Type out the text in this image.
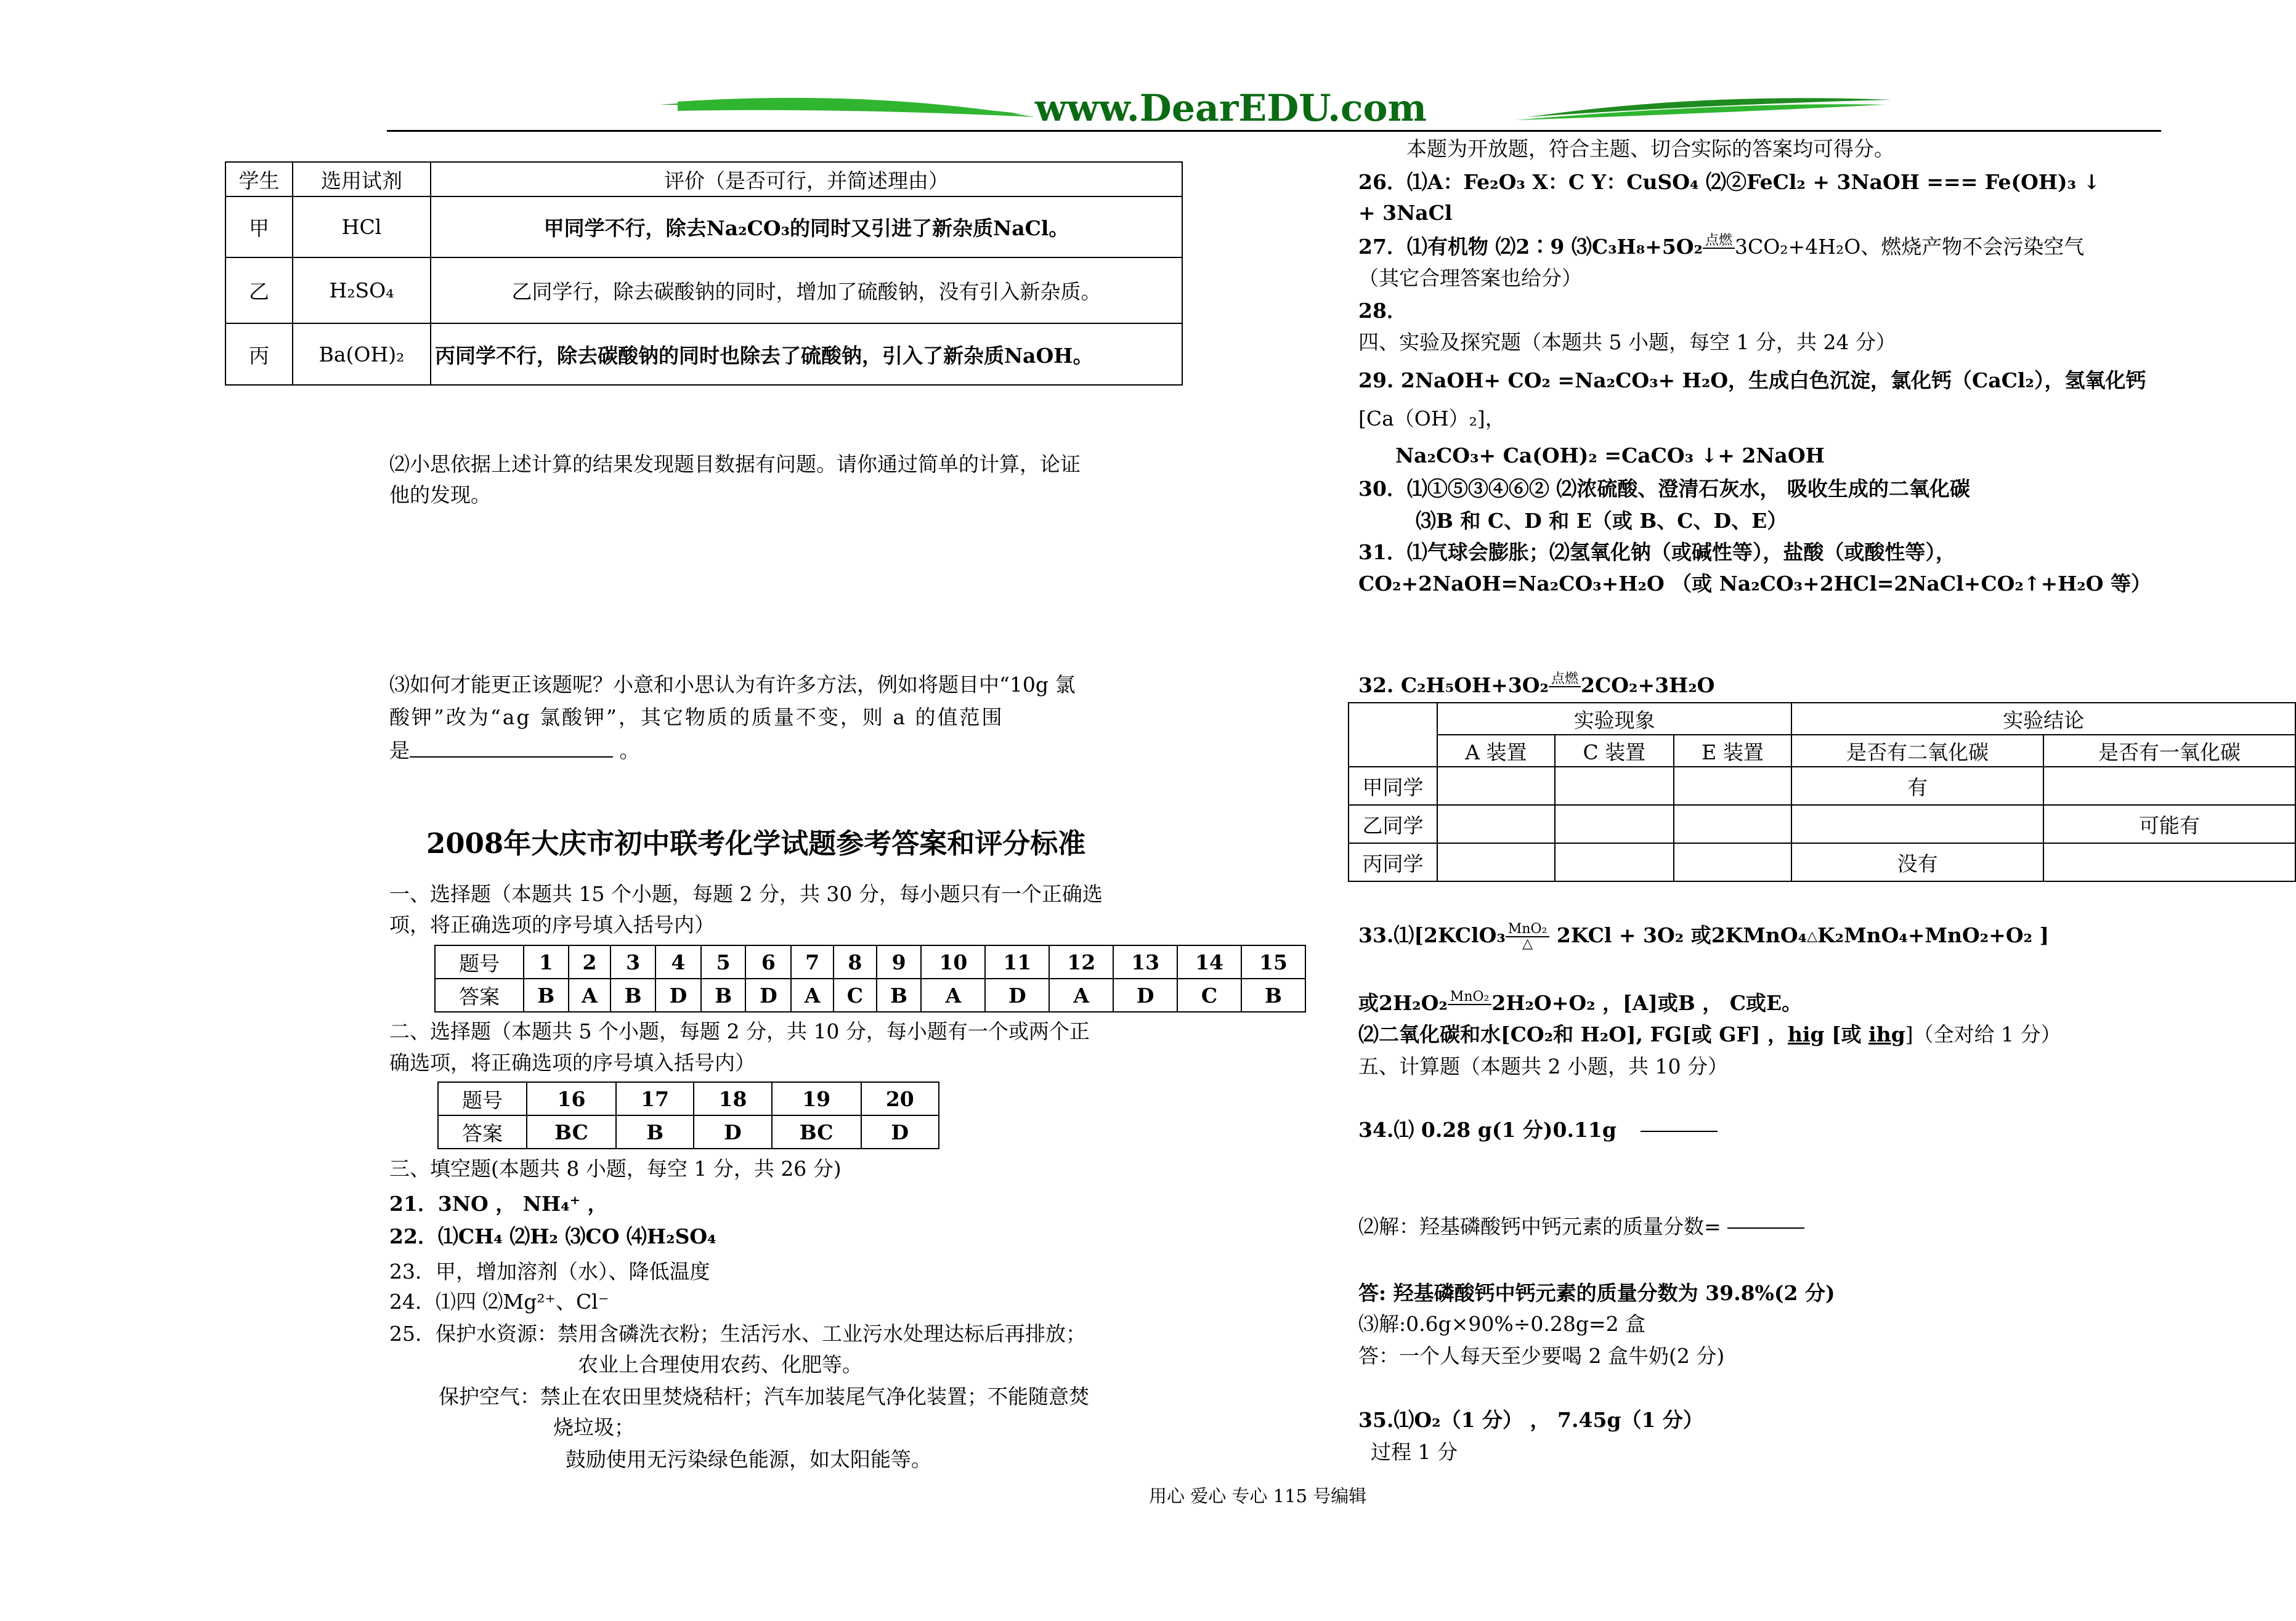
www.DearEDU.com
学生	选用试剂	评价（是否可行，并简述理由）
甲	HCl	甲同学不行，除去Na₂CO₃的同时又引进了新杂质NaCl。
乙	H₂SO₄	乙同学行，除去碳酸钠的同时，增加了硫酸钠，没有引入新杂质。
丙	Ba(OH)₂	丙同学不行，除去碳酸钠的同时也除去了硫酸钠，引入了新杂质NaOH。
⑵小思依据上述计算的结果发现题目数据有问题。请你通过简单的计算，论证
他的发现。
⑶如何才能更正该题呢？小意和小思认为有许多方法，例如将题目中“10g 氯
酸钾”改为“ag 氯酸钾”，其它物质的质量不变，则 a 的值范围
是	。
2008年大庆市初中联考化学试题参考答案和评分标准
一、选择题（本题共 15 个小题，每题 2 分，共 30 分，每小题只有一个正确选
项，将正确选项的序号填入括号内）
题号	1	2	3	4	5	6	7	8	9	10	11	12	13	14	15
答案	B	A	B	D	B	D	A	C	B	A	D	A	D	C	B
二、选择题（本题共 5 个小题，每题 2 分，共 10 分，每小题有一个或两个正
确选项，将正确选项的序号填入括号内）
题号	16	17	18	19	20
答案	BC	B	D	BC	D
三、填空题(本题共 8 小题，每空 1 分，共 26 分)
21．3NO ， NH₄⁺ ，
22．⑴CH₄ ⑵H₂ ⑶CO ⑷H₂SO₄
23．甲，增加溶剂（水）、降低温度
24．⑴四 ⑵Mg²⁺、Cl⁻
25．保护水资源：禁用含磷洗衣粉；生活污水、工业污水处理达标后再排放；
农业上合理使用农药、化肥等。
保护空气：禁止在农田里焚烧秸杆；汽车加装尾气净化装置；不能随意焚
烧垃圾；
鼓励使用无污染绿色能源，如太阳能等。
本题为开放题，符合主题、切合实际的答案均可得分。
26．⑴A：Fe₂O₃ X：C Y：CuSO₄ ⑵②FeCl₂ + 3NaOH === Fe(OH)₃ ↓
+ 3NaCl
27．⑴有机物 ⑵2∶9 ⑶C₃H₈+5O₂ 点燃
3CO₂+4H₂O、燃烧产物不会污染空气
（其它合理答案也给分）
28．
四、实验及探究题（本题共 5 小题，每空 1 分，共 24 分）
29. 2NaOH+ CO₂ =Na₂CO₃+ H₂O，生成白色沉淀，氯化钙（CaCl₂），氢氧化钙
[Ca（OH）₂]，
Na₂CO₃+ Ca(OH)₂ =CaCO₃ ↓+ 2NaOH
30．⑴①⑤③④⑥② ⑵浓硫酸、澄清石灰水， 吸收生成的二氧化碳
⑶B 和 C、D 和 E（或 B、C、D、E）
31．⑴气球会膨胀；⑵氢氧化钠（或碱性等），盐酸（或酸性等），
CO₂+2NaOH=Na₂CO₃+H₂O （或 Na₂CO₃+2HCl=2NaCl+CO₂↑+H₂O 等）
32. C₂H₅OH+3O₂ 点燃
2CO₂+3H₂O
	实验现象			实验结论	
	A 装置	C 装置	E 装置	是否有二氧化碳	是否有一氧化碳
甲同学				有	
乙同学					可能有
丙同学				没有	
33.⑴[2KClO₃ $\frac{\text{MnO₂}}{\triangle} 2KCl + 3O_2$ 或2KMnO₄ △ K₂MnO₄+MnO₂+O₂ ]
或2H₂O₂ MnO₂
2H₂O+O₂ ，[A]或B ， C或E。
⑵二氧化碳和水[CO₂和 H₂O], FG[或 GF] ，hig [或 ihg]（全对给 1 分）
五、计算题（本题共 2 小题，共 10 分）
34.⑴ 0.28 g(1 分)0.11g
⑵解：羟基磷酸钙中钙元素的质量分数=
答: 羟基磷酸钙中钙元素的质量分数为 39.8%(2 分)
⑶解:0.6g×90%÷0.28g=2 盒
答：一个人每天至少要喝 2 盒牛奶(2 分)
35.⑴O₂（1 分） ， 7.45g（1 分）
过程 1 分
用心 爱心 专心 115 号编辑
